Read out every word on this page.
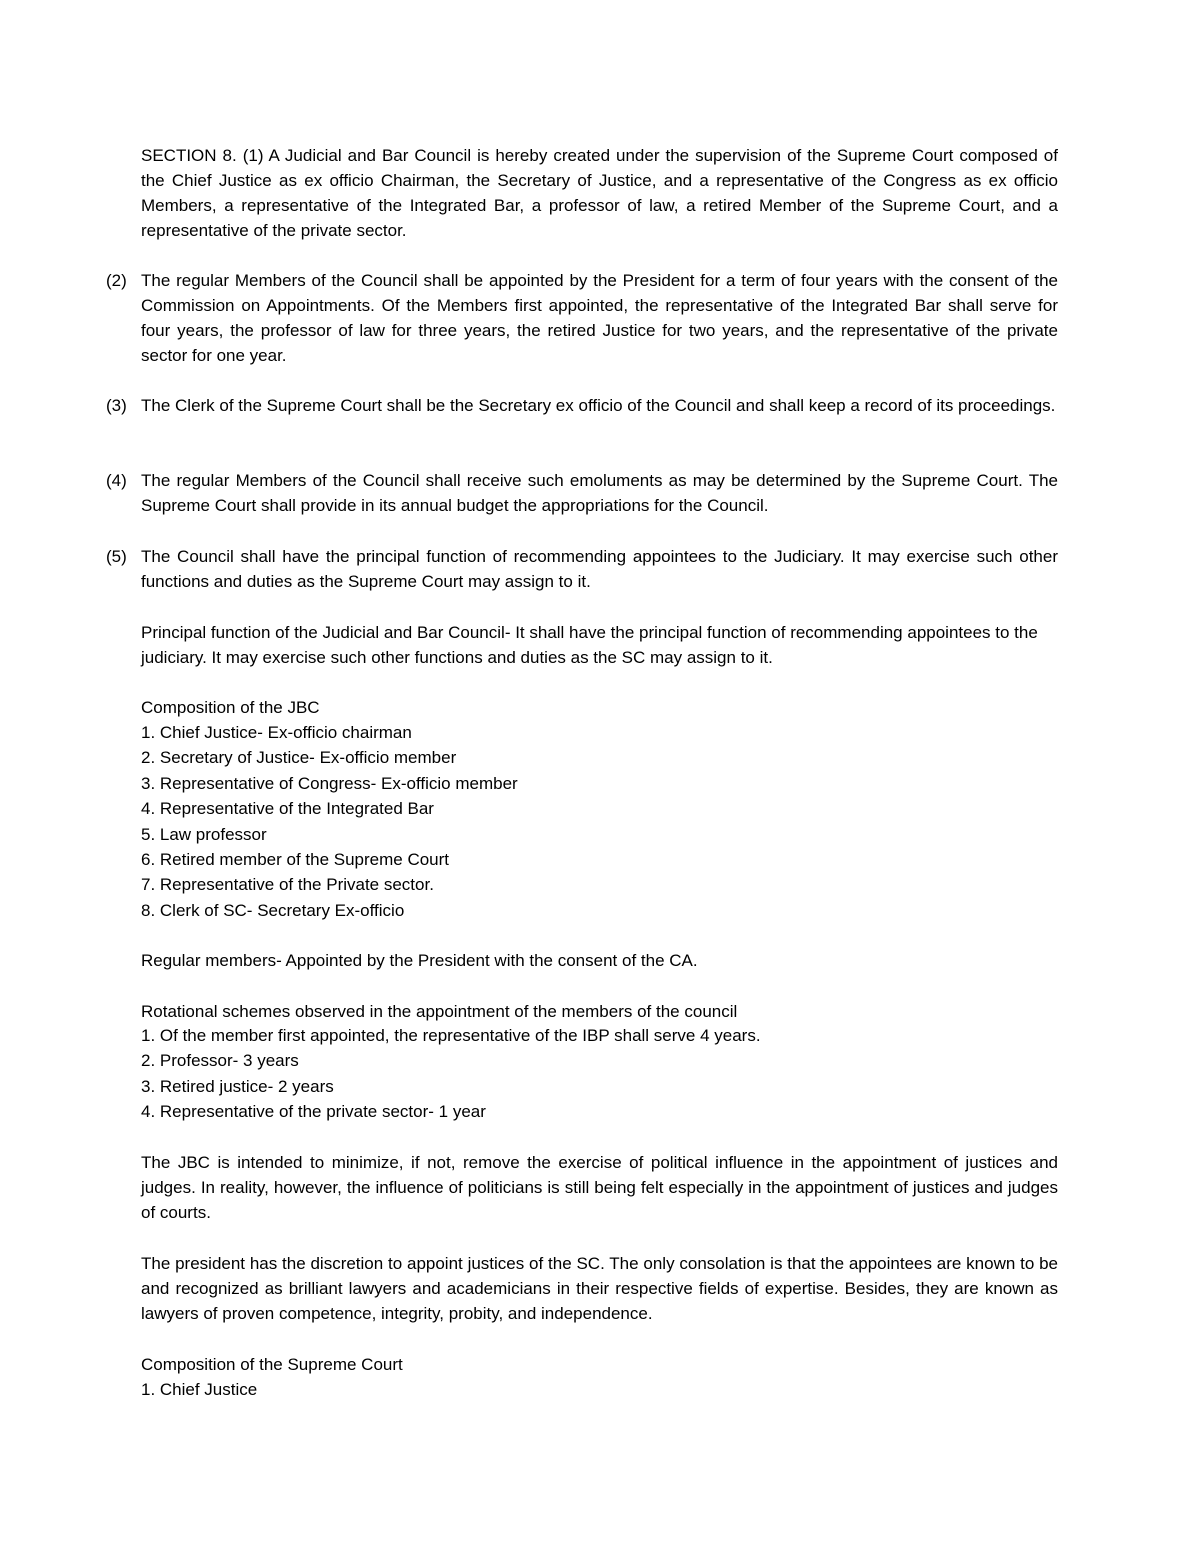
SECTION 8. (1) A Judicial and Bar Council is hereby created under the supervision of the Supreme Court composed of the Chief Justice as ex officio Chairman, the Secretary of Justice, and a representative of the Congress as ex officio Members, a representative of the Integrated Bar, a professor of law, a retired Member of the Supreme Court, and a representative of the private sector.
(2) The regular Members of the Council shall be appointed by the President for a term of four years with the consent of the Commission on Appointments. Of the Members first appointed, the representative of the Integrated Bar shall serve for four years, the professor of law for three years, the retired Justice for two years, and the representative of the private sector for one year.
(3) The Clerk of the Supreme Court shall be the Secretary ex officio of the Council and shall keep a record of its proceedings.
(4) The regular Members of the Council shall receive such emoluments as may be determined by the Supreme Court. The Supreme Court shall provide in its annual budget the appropriations for the Council.
(5) The Council shall have the principal function of recommending appointees to the Judiciary. It may exercise such other functions and duties as the Supreme Court may assign to it.
Principal function of the Judicial and Bar Council- It shall have the principal function of recommending appointees to the judiciary. It may exercise such other functions and duties as the SC may assign to it.
Composition of the JBC
1. Chief Justice- Ex-officio chairman
2. Secretary of Justice- Ex-officio member
3. Representative of Congress- Ex-officio member
4. Representative of the Integrated Bar
5. Law professor
6. Retired member of the Supreme Court
7. Representative of the Private sector.
8. Clerk of SC- Secretary Ex-officio
Regular members- Appointed by the President with the consent of the CA.
Rotational schemes observed in the appointment of the members of the council
1. Of the member first appointed, the representative of the IBP shall serve 4 years.
2. Professor- 3 years
3. Retired justice- 2 years
4. Representative of the private sector- 1 year
The JBC is intended to minimize, if not, remove the exercise of political influence in the appointment of justices and judges. In reality, however, the influence of politicians is still being felt especially in the appointment of justices and judges of courts.
The president has the discretion to appoint justices of the SC. The only consolation is that the appointees are known to be and recognized as brilliant lawyers and academicians in their respective fields of expertise. Besides, they are known as lawyers of proven competence, integrity, probity, and independence.
Composition of the Supreme Court
1. Chief Justice
